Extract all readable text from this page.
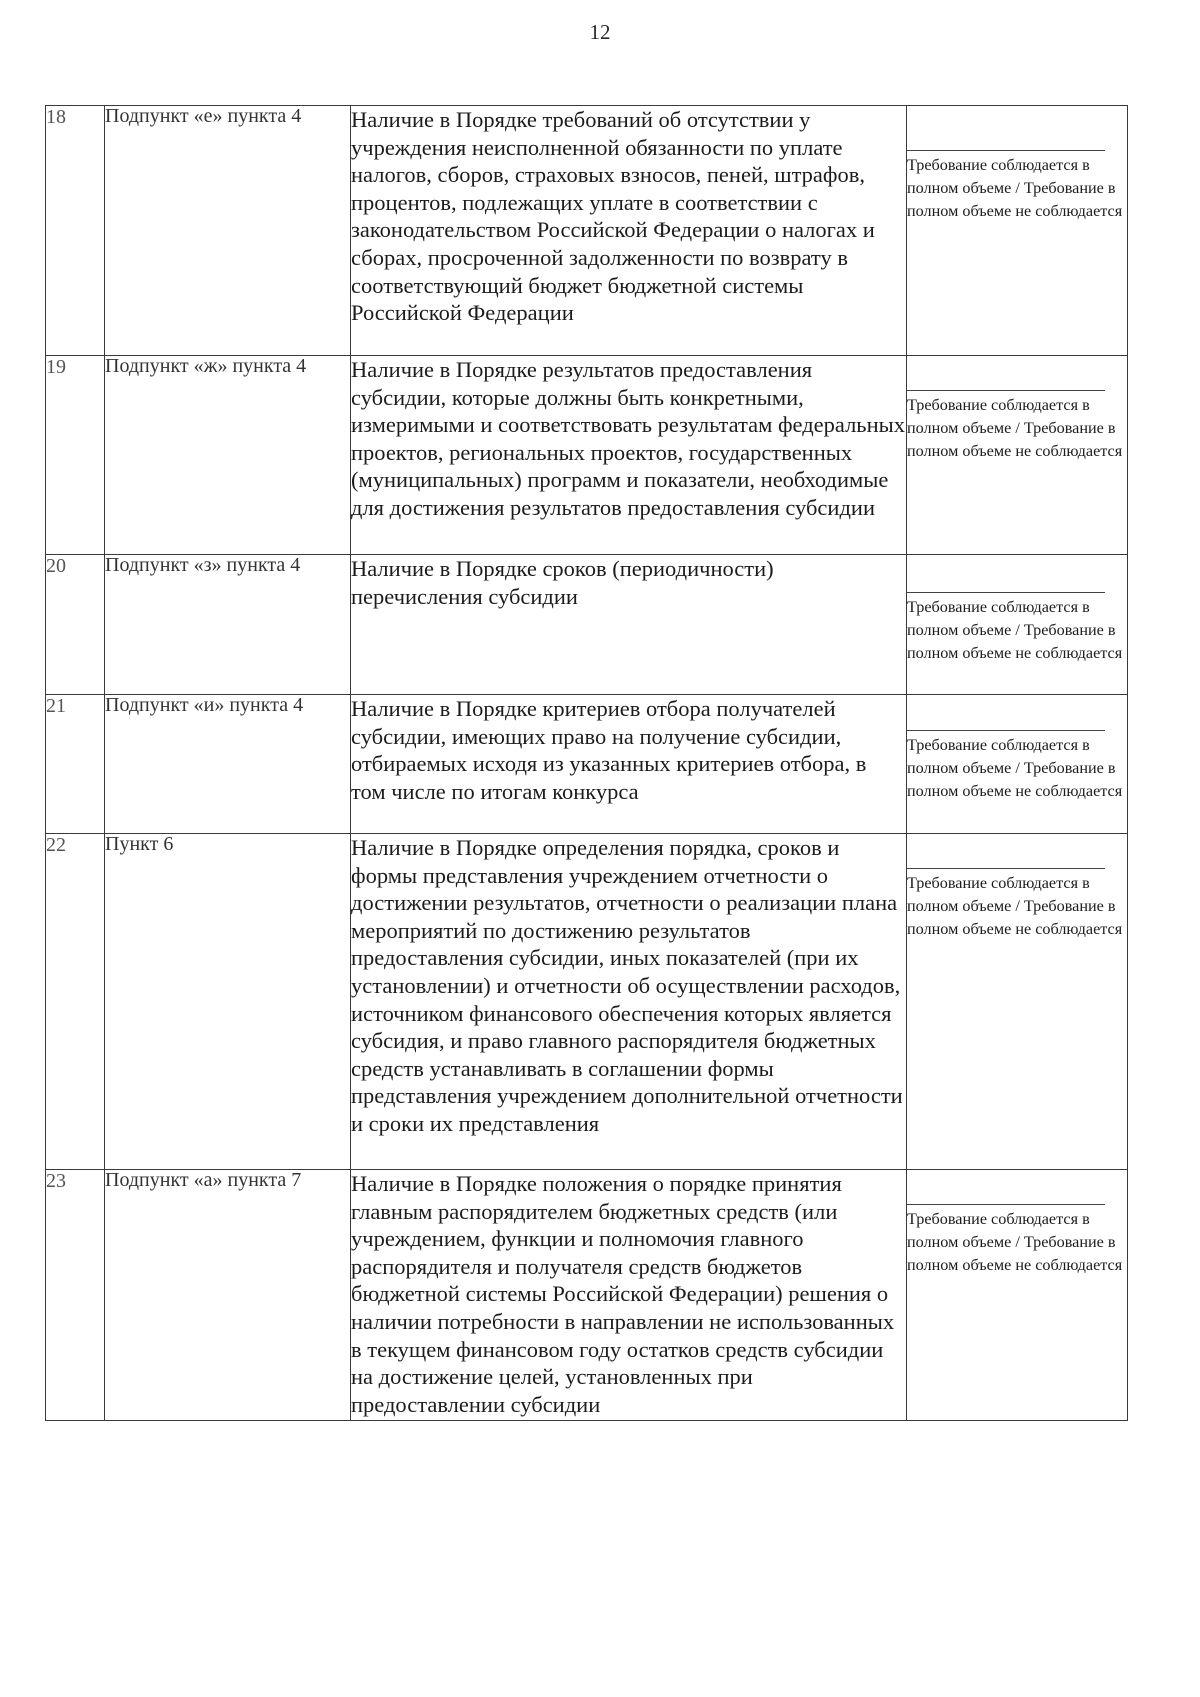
12
18	Подпункт «е» пункта 4	Наличие в Порядке требований об отсутствии у учреждения неисполненной обязанности по уплате налогов, сборов, страховых взносов, пеней, штрафов, процентов, подлежащих уплате в соответствии с законодательством Российской Федерации о налогах и сборах, просроченной задолженности по возврату в соответствующий бюджет бюджетной системы Российской Федерации	Требование соблюдается в полном объеме / Требование в полном объеме не соблюдается

19	Подпункт «ж» пункта 4	Наличие в Порядке результатов предоставления субсидии, которые должны быть конкретными, измеримыми и соответствовать результатам федеральных проектов, региональных проектов, государственных (муниципальных) программ и показатели, необходимые для достижения результатов предоставления субсидии	Требование соблюдается в полном объеме / Требование в полном объеме не соблюдается

20	Подпункт «з» пункта 4	Наличие в Порядке сроков (периодичности) перечисления субсидии	Требование соблюдается в полном объеме / Требование в полном объеме не соблюдается

21	Подпункт «и» пункта 4	Наличие в Порядке критериев отбора получателей субсидии, имеющих право на получение субсидии, отбираемых исходя из указанных критериев отбора, в том числе по итогам конкурса	Требование соблюдается в полном объеме / Требование в полном объеме не соблюдается

22	Пункт 6	Наличие в Порядке определения порядка, сроков и формы представления учреждением отчетности о достижении результатов, отчетности о реализации плана мероприятий по достижению результатов предоставления субсидии, иных показателей (при их установлении) и отчетности об осуществлении расходов, источником финансового обеспечения которых является субсидия, и право главного распорядителя бюджетных средств устанавливать в соглашении формы представления учреждением дополнительной отчетности и сроки их представления	Требование соблюдается в полном объеме / Требование в полном объеме не соблюдается

23	Подпункт «а» пункта 7	Наличие в Порядке положения о порядке принятия главным распорядителем бюджетных средств (или учреждением, функции и полномочия главного распорядителя и получателя средств бюджетов бюджетной системы Российской Федерации) решения о наличии потребности в направлении не использованных в текущем финансовом году остатков средств субсидии на достижение целей, установленных при предоставлении субсидии	Требование соблюдается в полном объеме / Требование в полном объеме не соблюдается
